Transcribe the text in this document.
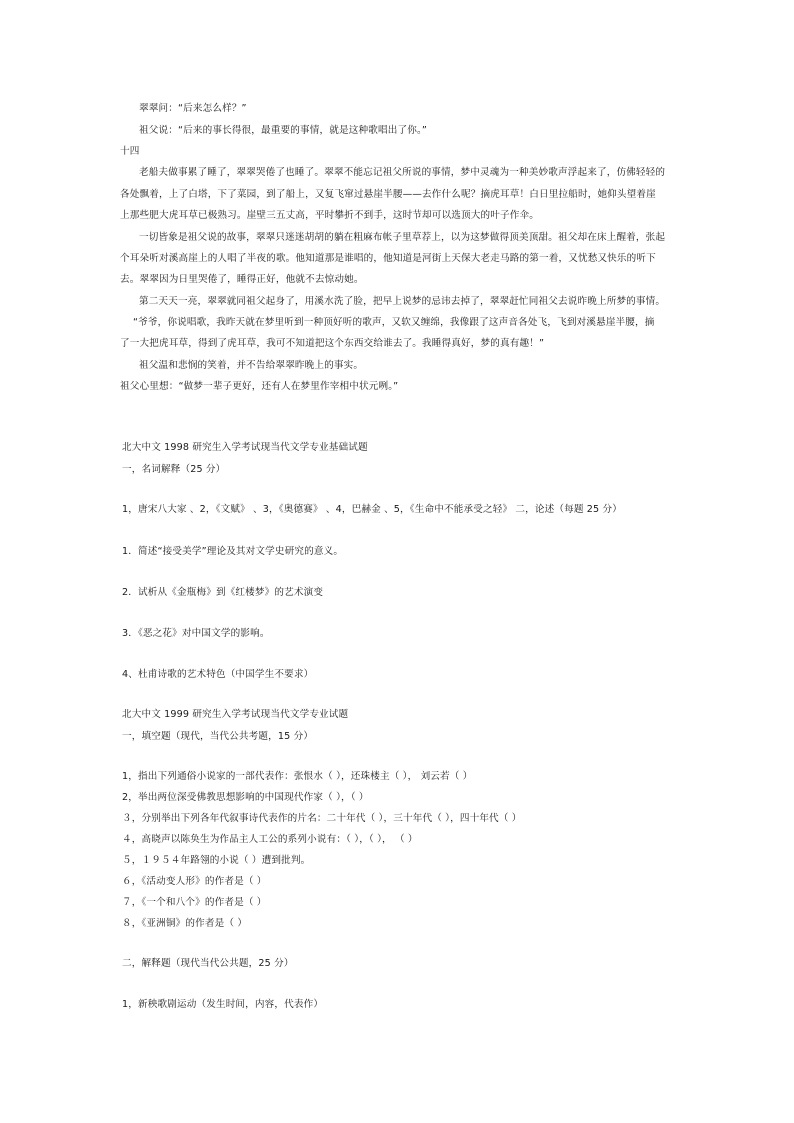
翠翠问：“后来怎么样？”
祖父说：“后来的事长得很，最重要的事情，就是这种歌唱出了你。”
十四
老船夫做事累了睡了，翠翠哭倦了也睡了。翠翠不能忘记祖父所说的事情，梦中灵魂为一种美妙歌声浮起来了，仿佛轻轻的
各处飘着，上了白塔，下了菜园，到了船上，又复飞窜过悬崖半腰——去作什么呢？摘虎耳草！白日里拉船时，她仰头望着崖
上那些肥大虎耳草已极熟习。崖壁三五丈高，平时攀折不到手，这时节却可以选顶大的叶子作伞。
一切皆象是祖父说的故事，翠翠只迷迷胡胡的躺在粗麻布帐子里草荐上，以为这梦做得顶美顶甜。祖父却在床上醒着，张起
个耳朵听对溪高崖上的人唱了半夜的歌。他知道那是谁唱的，他知道是河街上天保大老走马路的第一着，又忧愁又快乐的听下
去。翠翠因为日里哭倦了，睡得正好，他就不去惊动她。
第二天天一亮，翠翠就同祖父起身了，用溪水洗了脸，把早上说梦的忌讳去掉了，翠翠赶忙同祖父去说昨晚上所梦的事情。
“爷爷，你说唱歌，我昨天就在梦里听到一种顶好听的歌声，又软又缠绵，我像跟了这声音各处飞，飞到对溪悬崖半腰，摘
了一大把虎耳草，得到了虎耳草，我可不知道把这个东西交给谁去了。我睡得真好，梦的真有趣！”
祖父温和悲悯的笑着，并不告给翠翠昨晚上的事实。
祖父心里想：“做梦一辈子更好，还有人在梦里作宰相中状元咧。”
北大中文 1998 研究生入学考试现当代文学专业基础试题
一，名词解释（25 分）
1，唐宋八大家 、2，《文赋》 、3，《奥德赛》 、4，巴赫金 、5，《生命中不能承受之轻》 二，论述（每题 25 分）
1．简述“接受美学”理论及其对文学史研究的意义。
2．试析从《金瓶梅》到《红楼梦》的艺术演变
3．《恶之花》对中国文学的影响。
4、杜甫诗歌的艺术特色（中国学生不要求）
北大中文 1999 研究生入学考试现当代文学专业试题
一，填空题（现代，当代公共考题，15 分）
1，指出下列通俗小说家的一部代表作：张恨水（ ），还珠楼主（ ）， 刘云若（ ）
2，举出两位深受佛教思想影响的中国现代作家（ ），（ ）
３，分别举出下列各年代叙事诗代表作的片名：二十年代（ ），三十年代（ ），四十年代（ ）
４，高晓声以陈奂生为作品主人工公的系列小说有：（ ），（ ）， （ ）
５，１９５４年路翎的小说（ ）遭到批判。
６，《活动变人形》的作者是（ ）
７，《一个和八个》的作者是（ ）
８，《亚洲铜》的作者是（ ）
二，解释题（现代当代公共题，25 分）
1，新秧歌剧运动（发生时间，内容，代表作）
